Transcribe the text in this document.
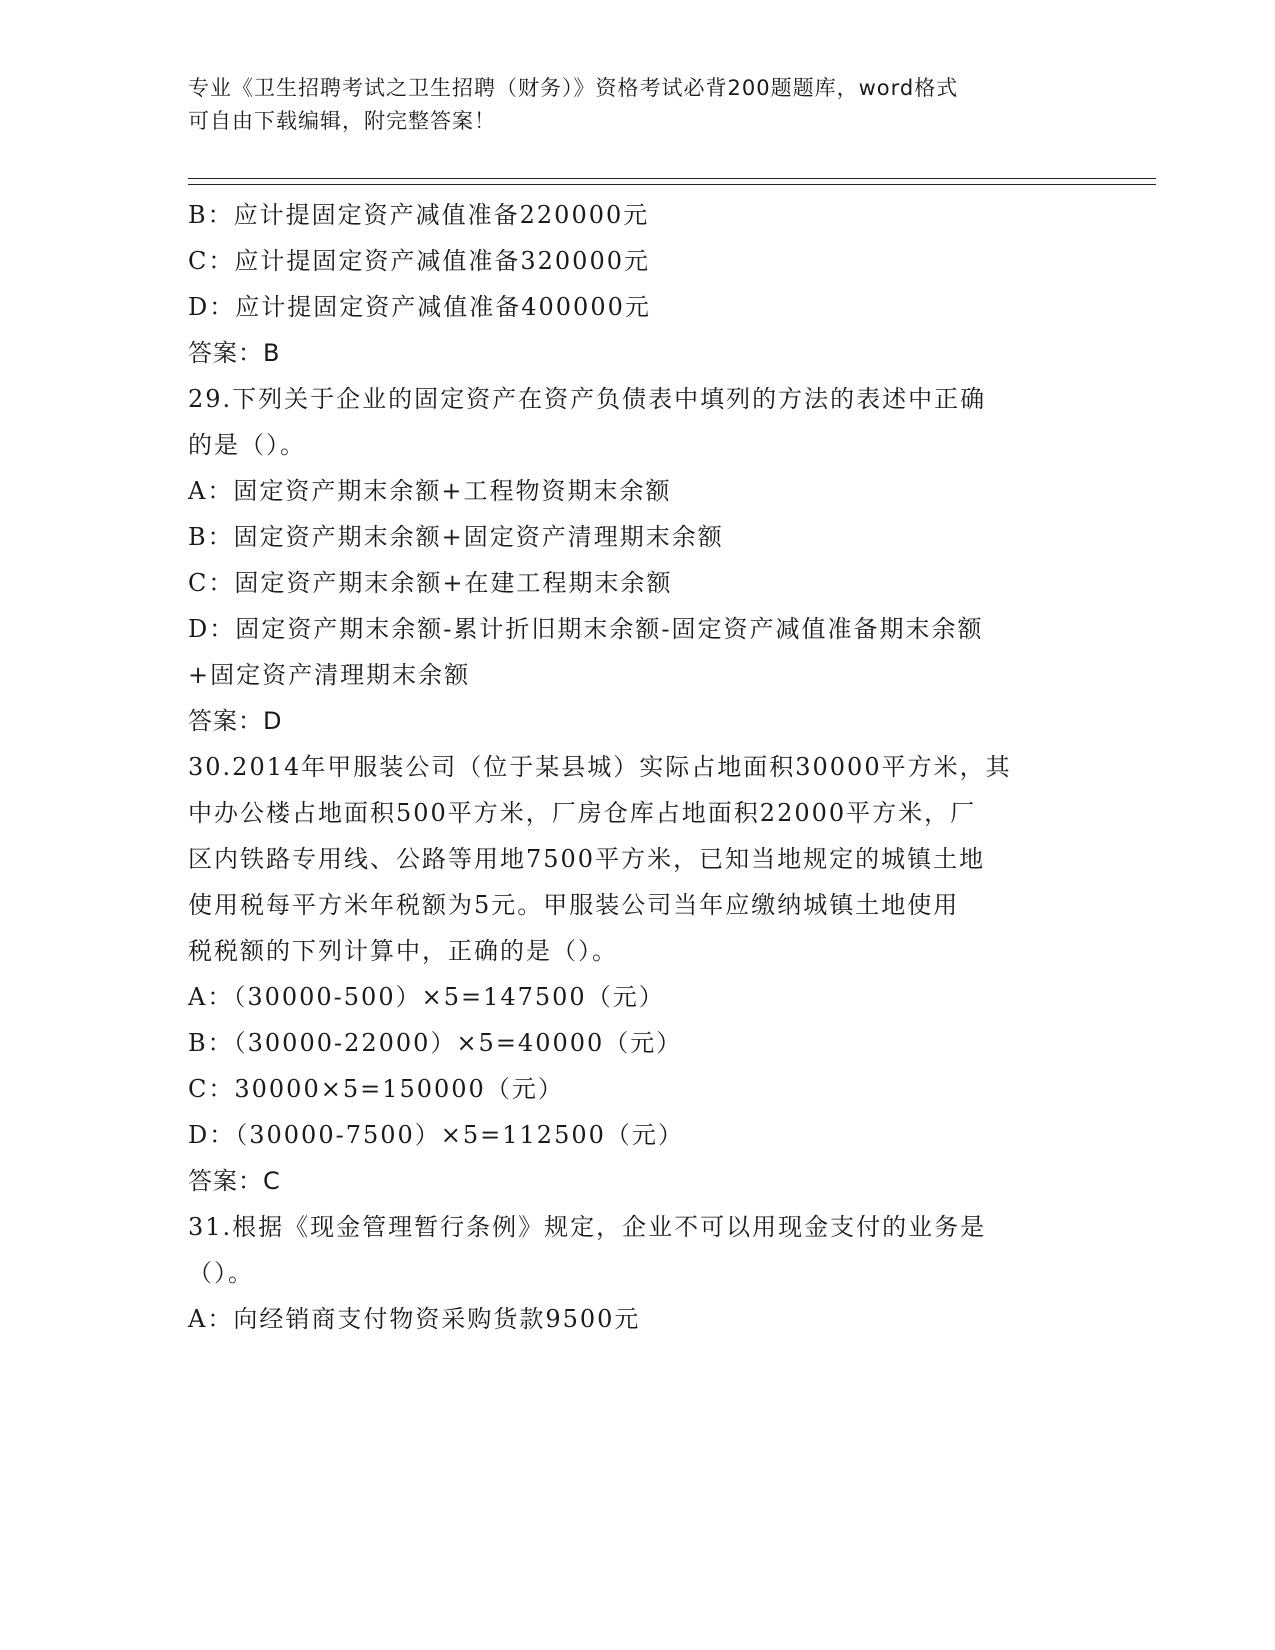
专业《卫生招聘考试之卫生招聘（财务）》资格考试必背200题题库，word格式
可自由下载编辑，附完整答案！
B：应计提固定资产减值准备220000元
C：应计提固定资产减值准备320000元
D：应计提固定资产减值准备400000元
答案：B
29.下列关于企业的固定资产在资产负债表中填列的方法的表述中正确
的是（）。
A：固定资产期末余额+工程物资期末余额
B：固定资产期末余额+固定资产清理期末余额
C：固定资产期末余额+在建工程期末余额
D：固定资产期末余额-累计折旧期末余额-固定资产减值准备期末余额
+固定资产清理期末余额
答案：D
30.2014年甲服装公司（位于某县城）实际占地面积30000平方米，其
中办公楼占地面积500平方米，厂房仓库占地面积22000平方米，厂
区内铁路专用线、公路等用地7500平方米，已知当地规定的城镇土地
使用税每平方米年税额为5元。甲服装公司当年应缴纳城镇土地使用
税税额的下列计算中，正确的是（）。
A：（30000-500）×5=147500（元）
B：（30000-22000）×5=40000（元）
C：30000×5=150000（元）
D：（30000-7500）×5=112500（元）
答案：C
31.根据《现金管理暂行条例》规定，企业不可以用现金支付的业务是
（）。
A：向经销商支付物资采购货款9500元
